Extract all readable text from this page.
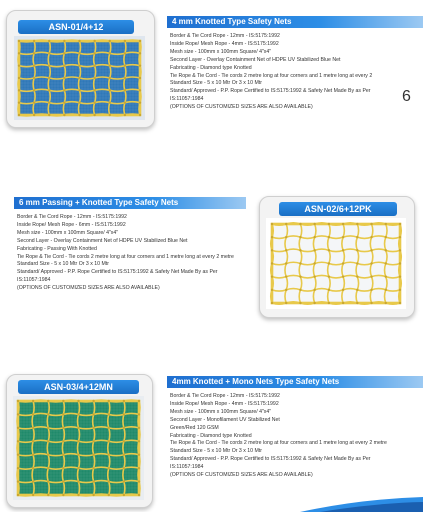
ASN-01/4+12
4 mm Knotted Type Safety Nets
Border & Tie Cord Rope - 12mm - IS:5175:1992
Inside Rope/ Mesh Rope - 4mm - IS:5175:1992
Mesh size - 100mm x 100mm Square/ 4"x4"
Second Layer - Overlay Containment Net of HDPE UV Stabilized Blue Net
Fabricating - Diamond type Knotted
Tie Rope & Tie Cord - Tie cords 2 metre long at four corners and 1 metre long at every 2
Standard Size - 5 x 10 Mtr Or 3 x 10 Mtr
Standard/ Approved - P.P. Rope Certified to IS:5175:1992 & Safety Net Made By as Per
IS:11057:1984
(OPTIONS OF CUSTOMIZED SIZES ARE ALSO AVAILABLE)
6
6 mm Passing + Knotted Type Safety Nets
Border & Tie Cord Rope - 12mm - IS:5175:1992
Inside Rope/ Mesh Rope - 6mm - IS:5175:1992
Mesh size - 100mm x 100mm Square/ 4"x4"
Second Layer - Overlay Containment Net of HDPE UV Stabilized Blue Net
Fabricating - Passing With Knotted
Tie Rope & Tie Cord - Tie cords 2 metre long at four corners and 1 metre long at every 2 metre
Standard Size - 5 x 10 Mtr Or 3 x 10 Mtr
Standard/ Approved - P.P. Rope Certified to IS:5175:1992 & Safety Net Made By as Per
IS:11057:1984
(OPTIONS OF CUSTOMIZED SIZES ARE ALSO AVAILABLE)
ASN-02/6+12PK
ASN-03/4+12MN
4mm Knotted + Mono Nets Type Safety Nets
Border & Tie Cord Rope - 12mm - IS:5175:1992
Inside Rope/ Mesh Rope - 4mm - IS:5175:1992
Mesh size - 100mm x 100mm Square/ 4"x4"
Second Layer - Monofilament UV Stabilized Net
Green/Red 120 GSM
Fabricating - Diamond type Knotted
Tie Rope & Tie Cord - Tie cords 2 metre long at four corners and 1 metre long at every 2 metre
Standard Size - 5 x 10 Mtr Or 3 x 10 Mtr
Standard/ Approved - P.P. Rope Certified to IS:5175:1992 & Safety Net Made By as Per
IS:11057:1984
(OPTIONS OF CUSTOMIZED SIZES ARE ALSO AVAILABLE)
